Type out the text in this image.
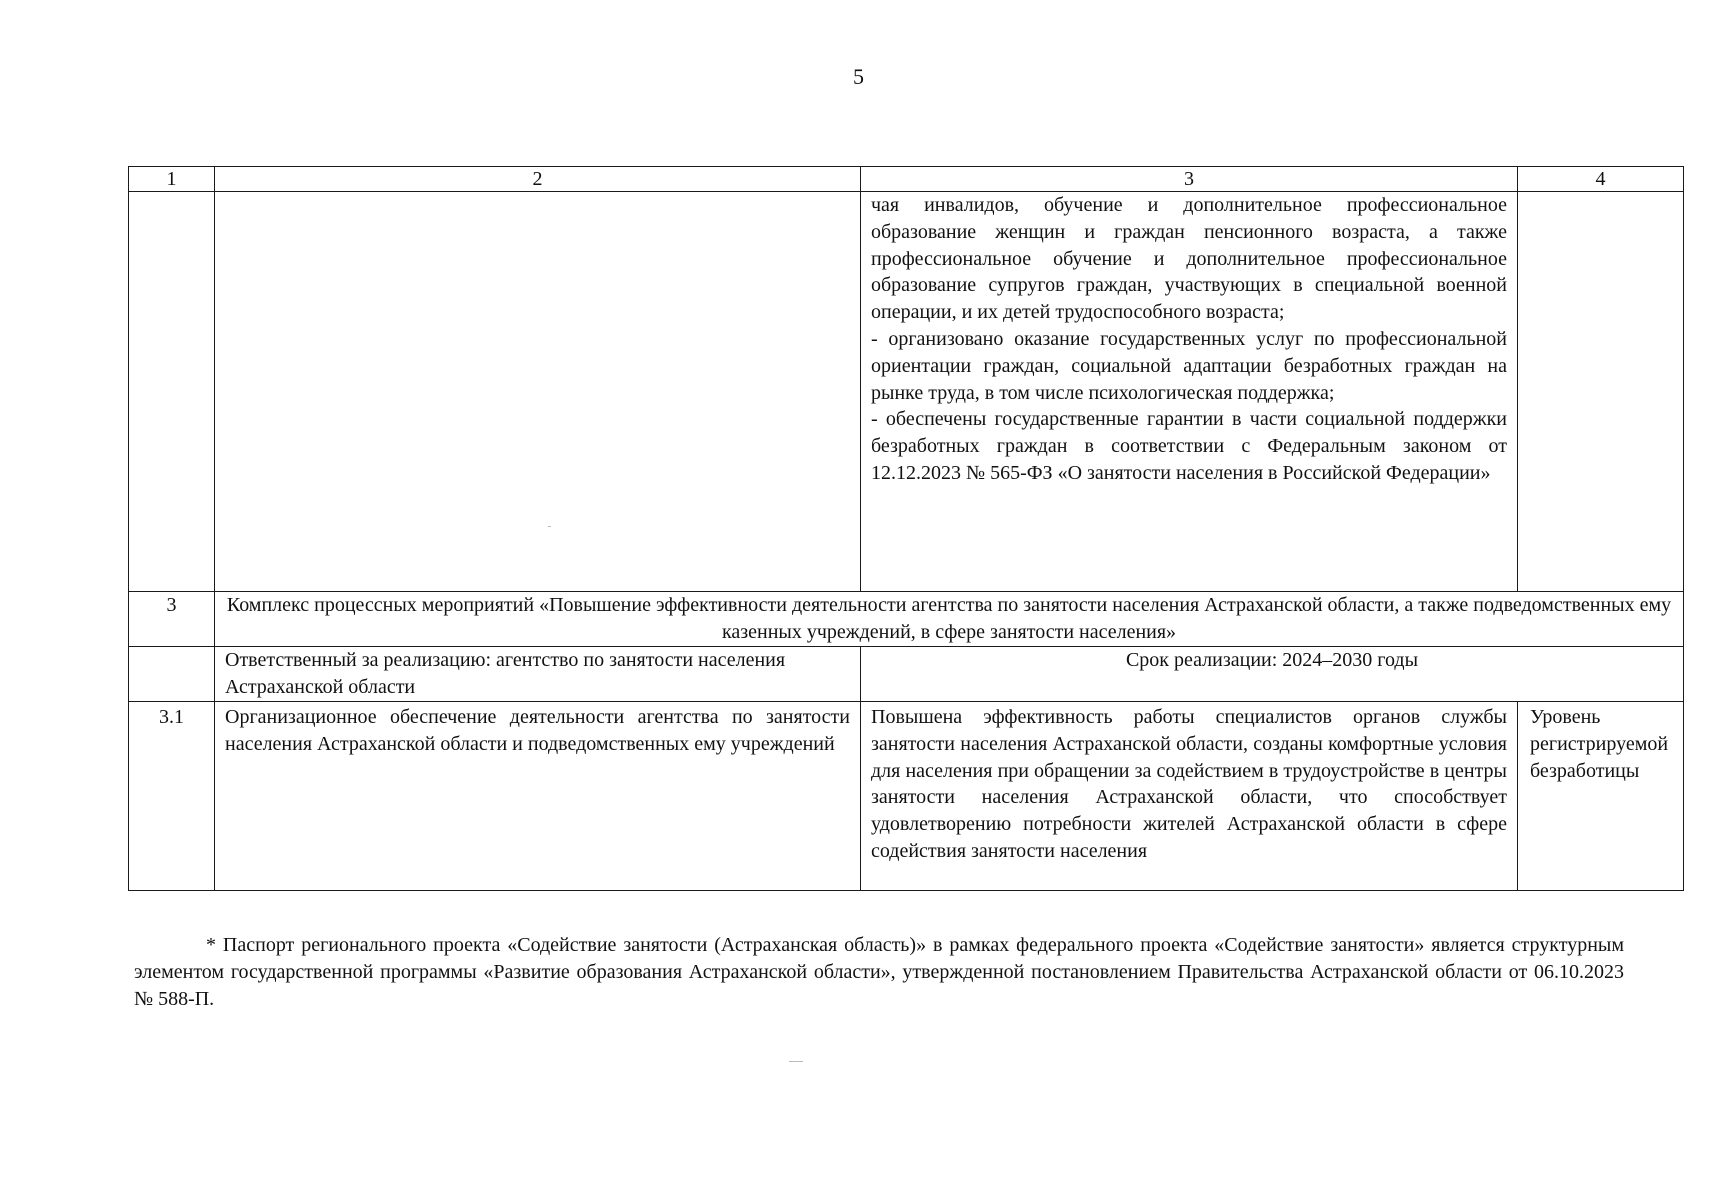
5
1	2	3	4

		чая инвалидов, обучение и дополнительное профессиональное образование женщин и граждан пенсионного возраста, а также профессиональное обучение и дополнительное профессиональное образование супругов граждан, участвующих в специальной военной операции, и их детей трудоспособного возраста;
- организовано оказание государственных услуг по профессиональной ориентации граждан, социальной адаптации безработных граждан на рынке труда, в том числе психологическая поддержка;
- обеспечены государственные гарантии в части социальной поддержки безработных граждан в соответствии с Федеральным законом от 12.12.2023 № 565-ФЗ «О занятости населения в Российской Федерации»	

3	Комплекс процессных мероприятий «Повышение эффективности деятельности агентства по занятости населения Астраханской области, а также подведомственных ему казенных учреждений, в сфере занятости населения»		
	Ответственный за реализацию: агентство по занятости населения Астраханской области	Срок реализации: 2024–2030 годы	
3.1	Организационное обеспечение деятельности агентства по занятости населения Астраханской области и подведомственных ему учреждений	Повышена эффективность работы специалистов органов службы занятости населения Астраханской области, созданы комфортные условия для населения при обращении за содействием в трудоустройстве в центры занятости населения Астраханской области, что способствует удовлетворению потребности жителей Астраханской области в сфере содействия занятости населения	Уровень регистрируемой безработицы
* Паспорт регионального проекта «Содействие занятости (Астраханская область)» в рамках федерального проекта «Содействие занятости» является структурным элементом государственной программы «Развитие образования Астраханской области», утвержденной постановлением Правительства Астраханской области от 06.10.2023 № 588-П.
